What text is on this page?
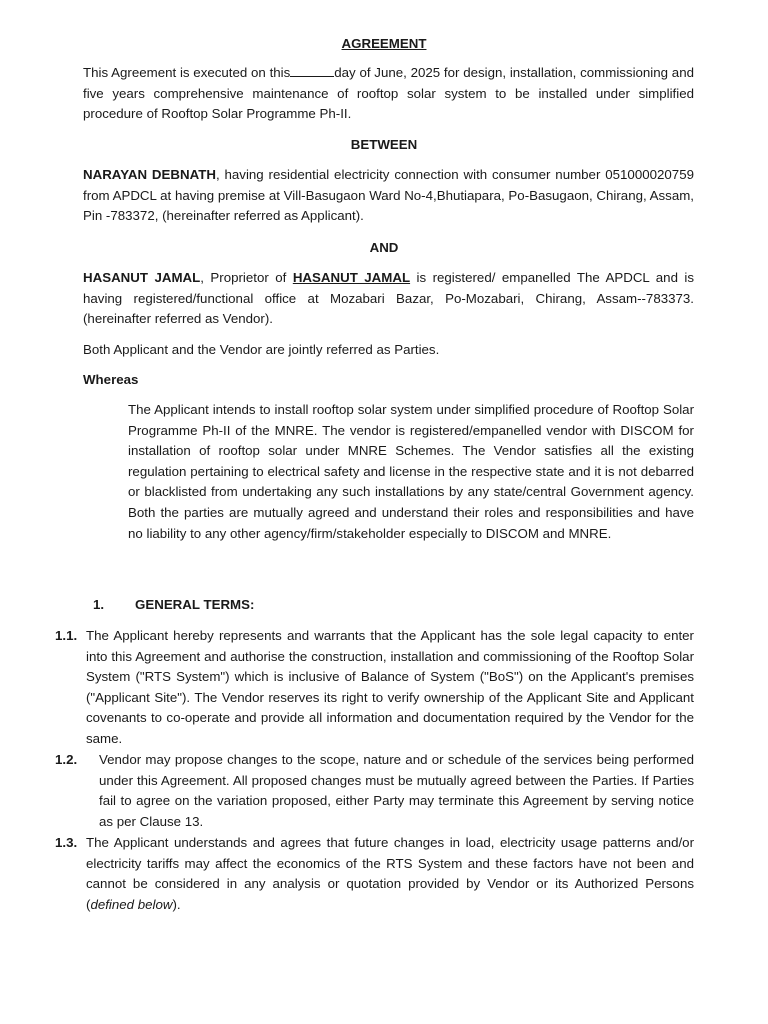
AGREEMENT
This Agreement is executed on this	day of June, 2025 for design, installation, commissioning and five years comprehensive maintenance of rooftop solar system to be installed under simplified procedure of Rooftop Solar Programme Ph-II.
BETWEEN
NARAYAN DEBNATH, having residential electricity connection with consumer number 051000020759 from APDCL at having premise at Vill-Basugaon Ward No-4,Bhutiapara, Po-Basugaon, Chirang, Assam, Pin -783372, (hereinafter referred as Applicant).
AND
HASANUT JAMAL, Proprietor of HASANUT JAMAL is registered/ empanelled The APDCL and is having registered/functional office at Mozabari Bazar, Po-Mozabari, Chirang, Assam--783373. (hereinafter referred as Vendor).
Both Applicant and the Vendor are jointly referred as Parties.
Whereas
The Applicant intends to install rooftop solar system under simplified procedure of Rooftop Solar Programme Ph-II of the MNRE. The vendor is registered/empanelled vendor with DISCOM for installation of rooftop solar under MNRE Schemes. The Vendor satisfies all the existing regulation pertaining to electrical safety and license in the respective state and it is not debarred or blacklisted from undertaking any such installations by any state/central Government agency. Both the parties are mutually agreed and understand their roles and responsibilities and have no liability to any other agency/firm/stakeholder especially to DISCOM and MNRE.
1. GENERAL TERMS:
1.1. The Applicant hereby represents and warrants that the Applicant has the sole legal capacity to enter into this Agreement and authorise the construction, installation and commissioning of the Rooftop Solar System ("RTS System") which is inclusive of Balance of System ("BoS") on the Applicant's premises ("Applicant Site"). The Vendor reserves its right to verify ownership of the Applicant Site and Applicant covenants to co-operate and provide all information and documentation required by the Vendor for the same.
1.2. Vendor may propose changes to the scope, nature and or schedule of the services being performed under this Agreement. All proposed changes must be mutually agreed between the Parties. If Parties fail to agree on the variation proposed, either Party may terminate this Agreement by serving notice as per Clause 13.
1.3. The Applicant understands and agrees that future changes in load, electricity usage patterns and/or electricity tariffs may affect the economics of the RTS System and these factors have not been and cannot be considered in any analysis or quotation provided by Vendor or its Authorized Persons (defined below).
